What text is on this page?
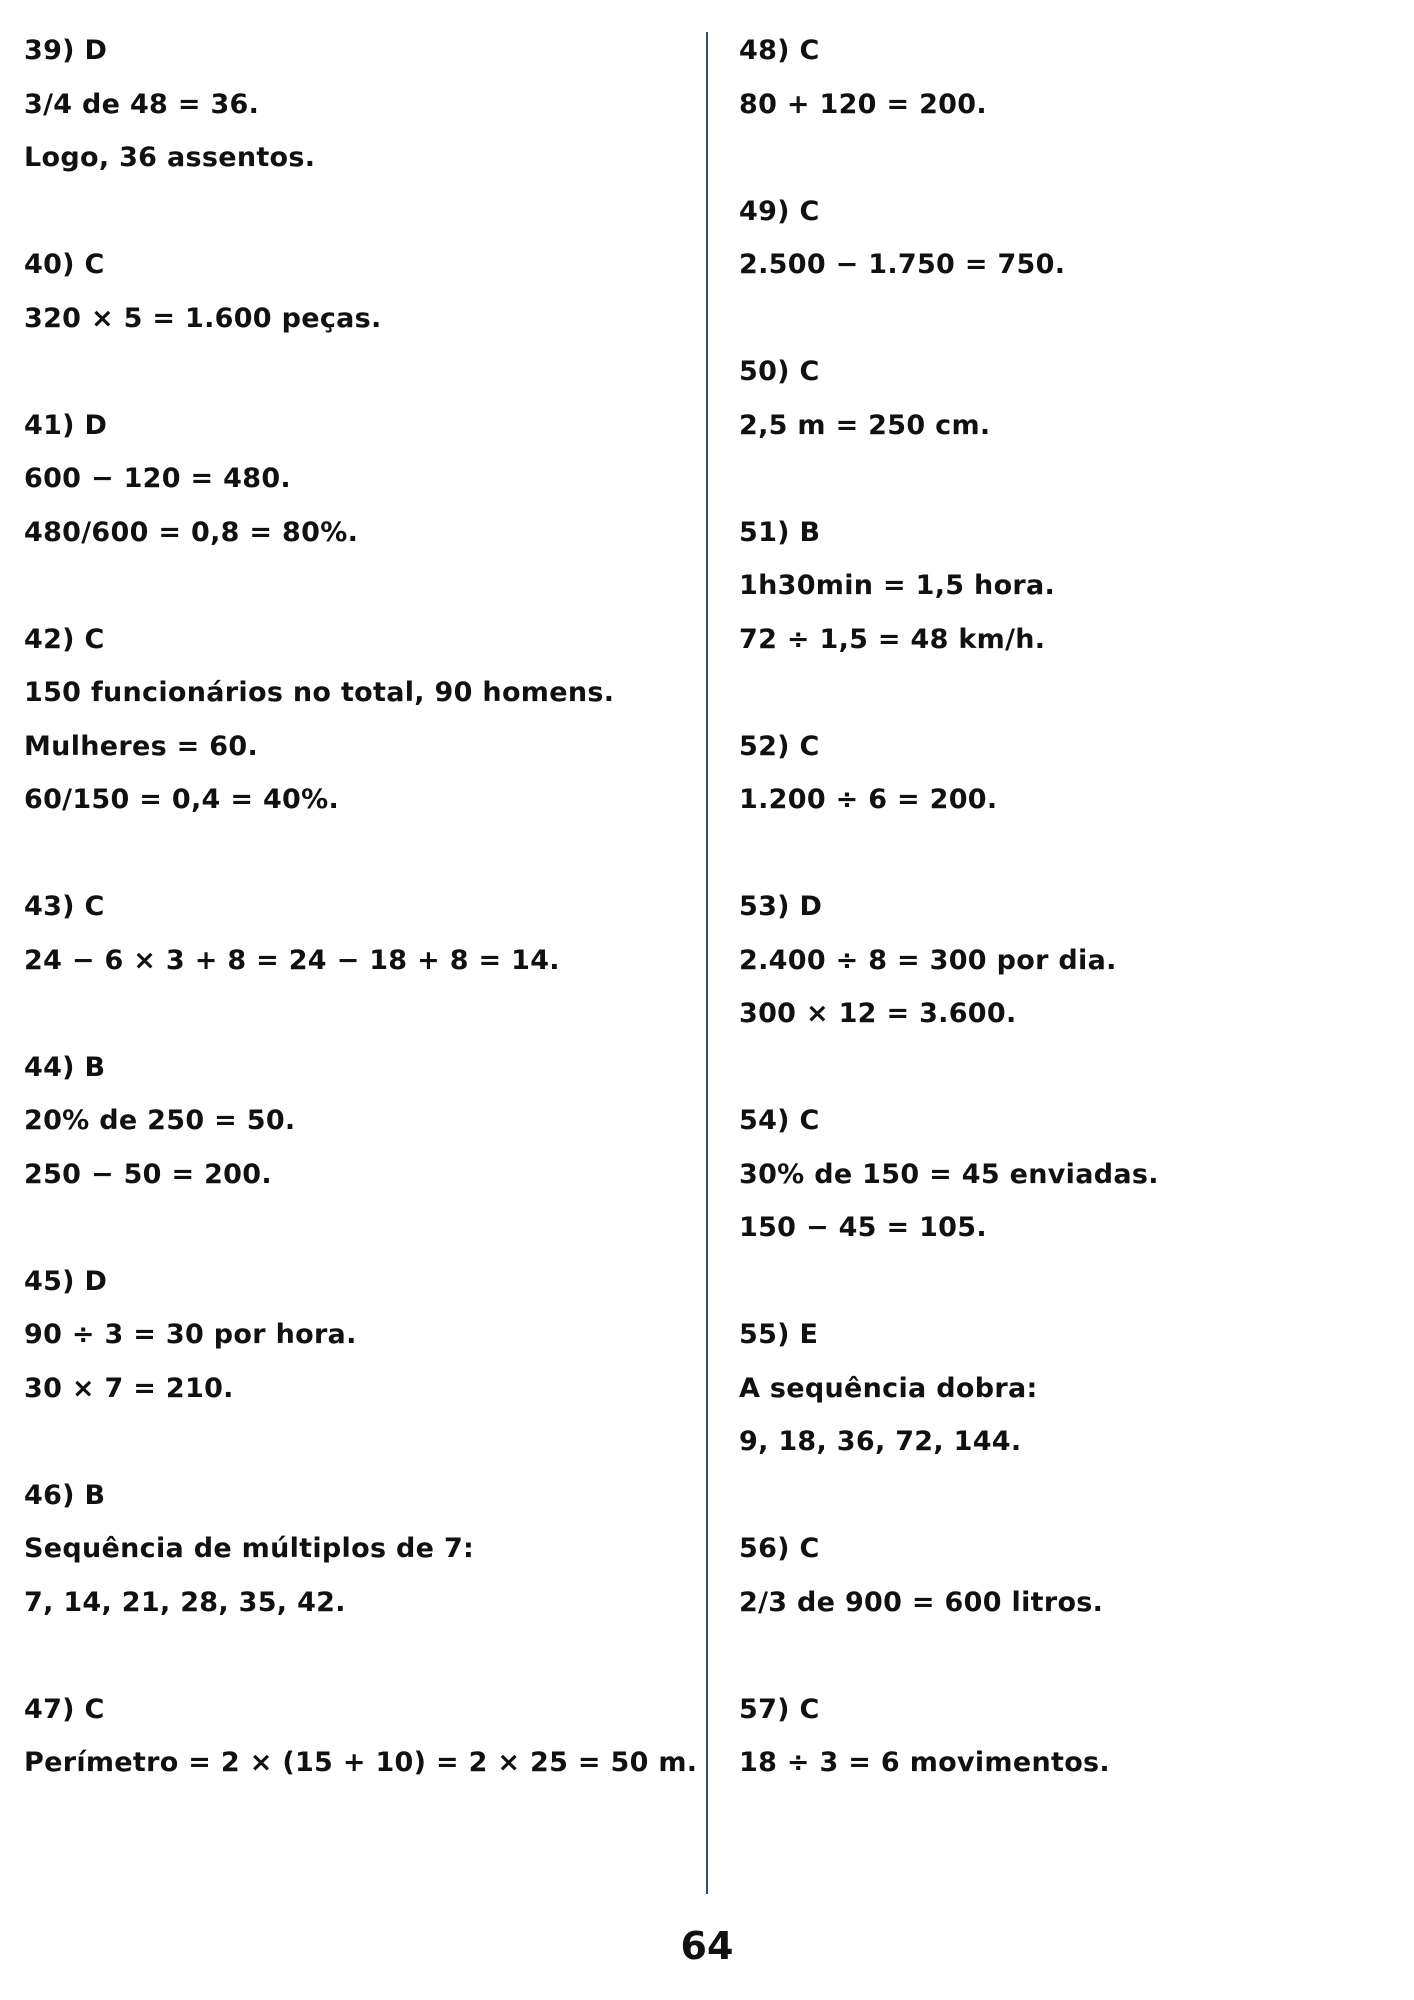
39) D
3/4 de 48 = 36.
Logo, 36 assentos.
40) C
320 × 5 = 1.600 peças.
41) D
600 − 120 = 480.
480/600 = 0,8 = 80%.
42) C
150 funcionários no total, 90 homens.
Mulheres = 60.
60/150 = 0,4 = 40%.
43) C
24 − 6 × 3 + 8 = 24 − 18 + 8 = 14.
44) B
20% de 250 = 50.
250 − 50 = 200.
45) D
90 ÷ 3 = 30 por hora.
30 × 7 = 210.
46) B
Sequência de múltiplos de 7:
7, 14, 21, 28, 35, 42.
47) C
Perímetro = 2 × (15 + 10) = 2 × 25 = 50 m.
48) C
80 + 120 = 200.
49) C
2.500 − 1.750 = 750.
50) C
2,5 m = 250 cm.
51) B
1h30min = 1,5 hora.
72 ÷ 1,5 = 48 km/h.
52) C
1.200 ÷ 6 = 200.
53) D
2.400 ÷ 8 = 300 por dia.
300 × 12 = 3.600.
54) C
30% de 150 = 45 enviadas.
150 − 45 = 105.
55) E
A sequência dobra:
9, 18, 36, 72, 144.
56) C
2/3 de 900 = 600 litros.
57) C
18 ÷ 3 = 6 movimentos.
64
